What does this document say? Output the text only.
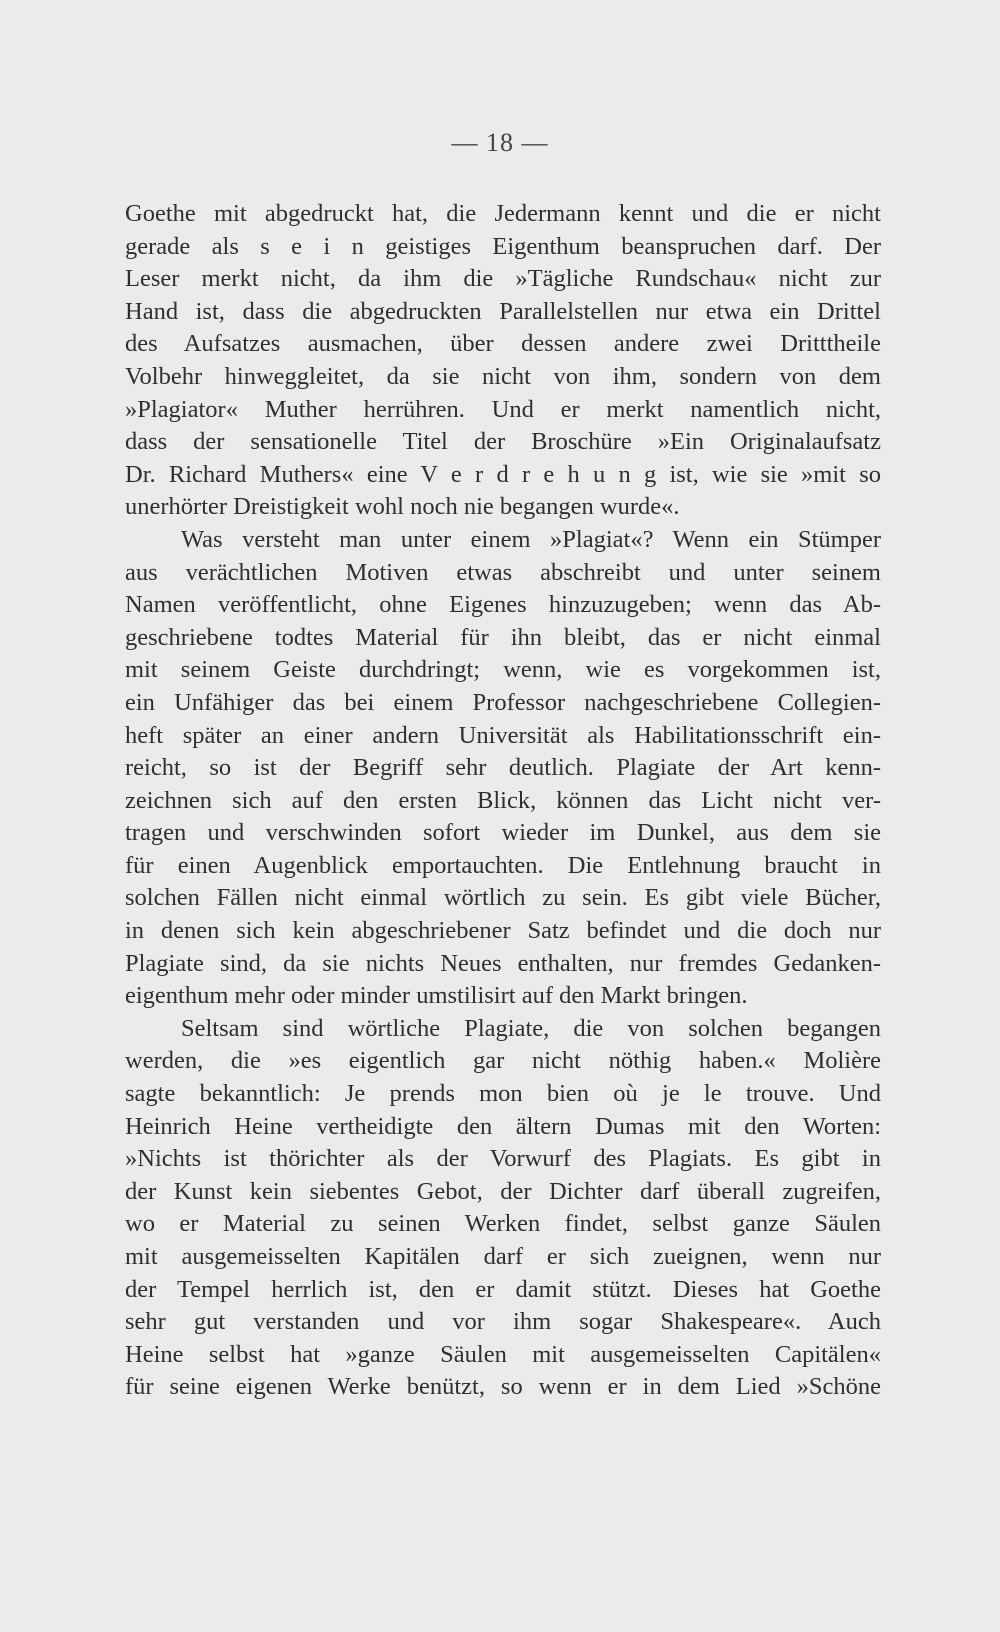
— 18 —
Goethe mit abgedruckt hat, die Jedermann kennt und die er nicht
gerade als s e i n geistiges Eigenthum beanspruchen darf. Der
Leser merkt nicht, da ihm die »Tägliche Rundschau« nicht zur
Hand ist, dass die abgedruckten Parallelstellen nur etwa ein Drittel
des Aufsatzes ausmachen, über dessen andere zwei Dritttheile
Volbehr hinweggleitet, da sie nicht von ihm, sondern von dem
»Plagiator« Muther herrühren. Und er merkt namentlich nicht,
dass der sensationelle Titel der Broschüre »Ein Originalaufsatz
Dr. Richard Muthers« eine V e r d r e h u n g ist, wie sie »mit so
unerhörter Dreistigkeit wohl noch nie begangen wurde«.
Was versteht man unter einem »Plagiat«? Wenn ein Stümper
aus verächtlichen Motiven etwas abschreibt und unter seinem
Namen veröffentlicht, ohne Eigenes hinzuzugeben; wenn das Ab-
geschriebene todtes Material für ihn bleibt, das er nicht einmal
mit seinem Geiste durchdringt; wenn, wie es vorgekommen ist,
ein Unfähiger das bei einem Professor nachgeschriebene Collegien-
heft später an einer andern Universität als Habilitationsschrift ein-
reicht, so ist der Begriff sehr deutlich. Plagiate der Art kenn-
zeichnen sich auf den ersten Blick, können das Licht nicht ver-
tragen und verschwinden sofort wieder im Dunkel, aus dem sie
für einen Augenblick emportauchten. Die Entlehnung braucht in
solchen Fällen nicht einmal wörtlich zu sein. Es gibt viele Bücher,
in denen sich kein abgeschriebener Satz befindet und die doch nur
Plagiate sind, da sie nichts Neues enthalten, nur fremdes Gedanken-
eigenthum mehr oder minder umstilisirt auf den Markt bringen.
Seltsam sind wörtliche Plagiate, die von solchen begangen
werden, die »es eigentlich gar nicht nöthig haben.« Molière
sagte bekanntlich: Je prends mon bien où je le trouve. Und
Heinrich Heine vertheidigte den ältern Dumas mit den Worten:
»Nichts ist thörichter als der Vorwurf des Plagiats. Es gibt in
der Kunst kein siebentes Gebot, der Dichter darf überall zugreifen,
wo er Material zu seinen Werken findet, selbst ganze Säulen
mit ausgemeisselten Kapitälen darf er sich zueignen, wenn nur
der Tempel herrlich ist, den er damit stützt. Dieses hat Goethe
sehr gut verstanden und vor ihm sogar Shakespeare«. Auch
Heine selbst hat »ganze Säulen mit ausgemeisselten Capitälen«
für seine eigenen Werke benützt, so wenn er in dem Lied »Schöne
